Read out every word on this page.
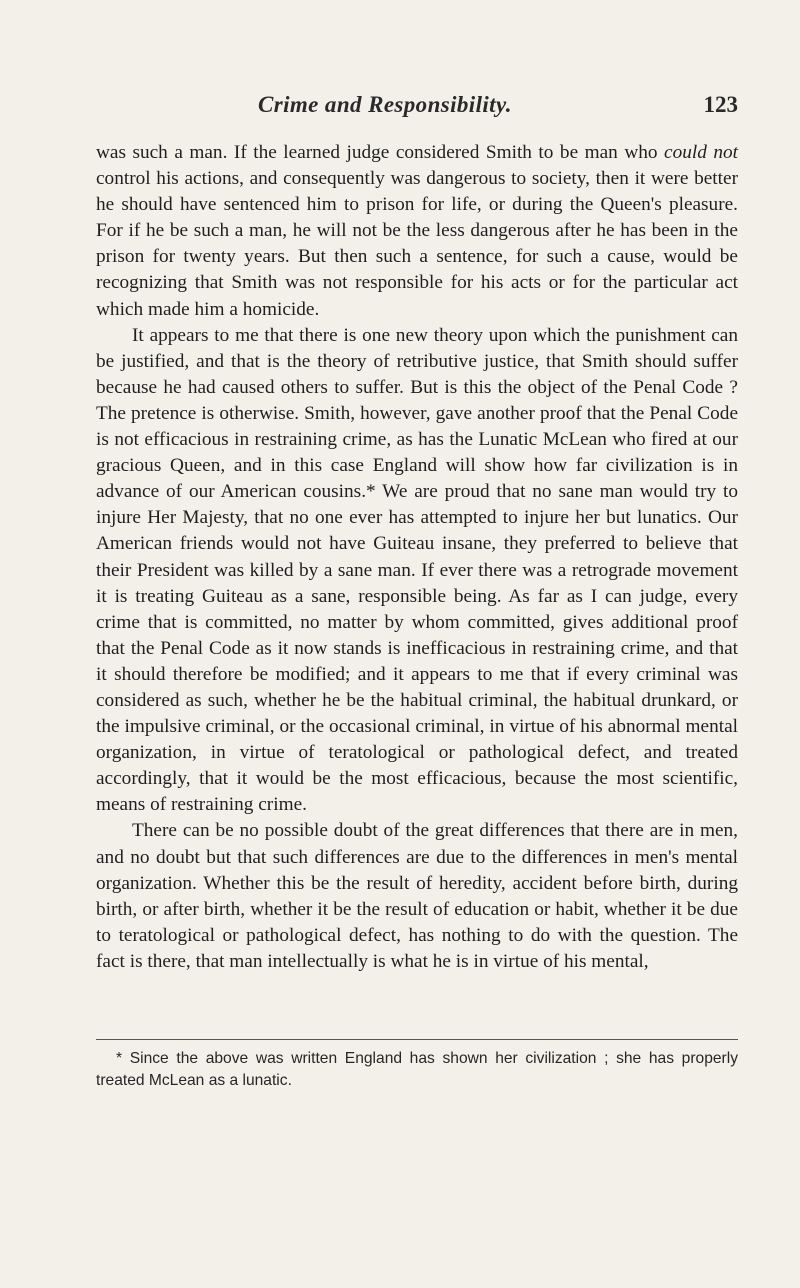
Crime and Responsibility.	123

was such a man. If the learned judge considered Smith to be man who could not control his actions, and consequently was dangerous to society, then it were better he should have sentenced him to prison for life, or during the Queen's pleasure. For if he be such a man, he will not be the less dangerous after he has been in the prison for twenty years. But then such a sentence, for such a cause, would be recognizing that Smith was not responsible for his acts or for the particular act which made him a homicide.

It appears to me that there is one new theory upon which the punishment can be justified, and that is the theory of retributive justice, that Smith should suffer because he had caused others to suffer. But is this the object of the Penal Code ? The pretence is otherwise. Smith, however, gave another proof that the Penal Code is not efficacious in restraining crime, as has the Lunatic McLean who fired at our gracious Queen, and in this case England will show how far civilization is in advance of our American cousins.* We are proud that no sane man would try to injure Her Majesty, that no one ever has attempted to injure her but lunatics. Our American friends would not have Guiteau insane, they preferred to believe that their President was killed by a sane man. If ever there was a retrograde movement it is treating Guiteau as a sane, responsible being. As far as I can judge, every crime that is committed, no matter by whom committed, gives additional proof that the Penal Code as it now stands is inefficacious in restraining crime, and that it should therefore be modified; and it appears to me that if every criminal was considered as such, whether he be the habitual criminal, the habitual drunkard, or the impulsive criminal, or the occasional criminal, in virtue of his abnormal mental organization, in virtue of teratological or pathological defect, and treated accordingly, that it would be the most efficacious, because the most scientific, means of restraining crime.

There can be no possible doubt of the great differences that there are in men, and no doubt but that such differences are due to the differences in men's mental organization. Whether this be the result of heredity, accident before birth, during birth, or after birth, whether it be the result of education or habit, whether it be due to teratological or pathological defect, has nothing to do with the question. The fact is there, that man intellectually is what he is in virtue of his mental,

* Since the above was written England has shown her civilization ; she has properly treated McLean as a lunatic.
